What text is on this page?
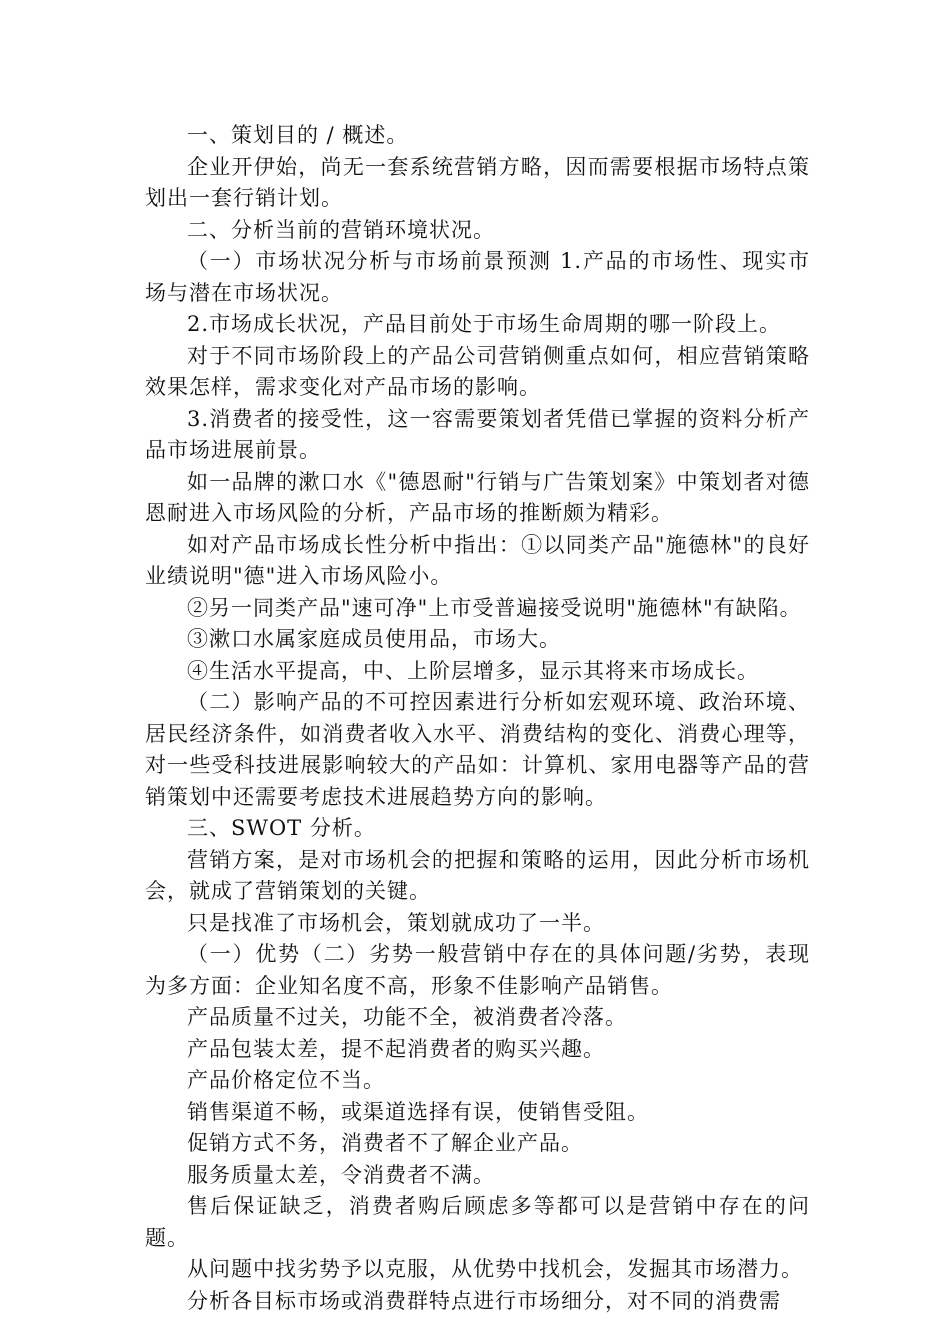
一、策划目的 / 概述。

企业开伊始，尚无一套系统营销方略，因而需要根据市场特点策划出一套行销计划。

二、分析当前的营销环境状况。

（一）市场状况分析与市场前景预测 1.产品的市场性、现实市场与潜在市场状况。

2.市场成长状况，产品目前处于市场生命周期的哪一阶段上。

对于不同市场阶段上的产品公司营销侧重点如何，相应营销策略效果怎样，需求变化对产品市场的影响。

3.消费者的接受性，这一容需要策划者凭借已掌握的资料分析产品市场进展前景。

如一品牌的漱口水《"德恩耐"行销与广告策划案》中策划者对德恩耐进入市场风险的分析，产品市场的推断颇为精彩。

如对产品市场成长性分析中指出：①以同类产品"施德林"的良好业绩说明"德"进入市场风险小。

②另一同类产品"速可净"上市受普遍接受说明"施德林"有缺陷。

③漱口水属家庭成员使用品，市场大。

④生活水平提高，中、上阶层增多，显示其将来市场成长。

（二）影响产品的不可控因素进行分析如宏观环境、政治环境、居民经济条件，如消费者收入水平、消费结构的变化、消费心理等，对一些受科技进展影响较大的产品如：计算机、家用电器等产品的营销策划中还需要考虑技术进展趋势方向的影响。

三、SWOT 分析。

营销方案，是对市场机会的把握和策略的运用，因此分析市场机会，就成了营销策划的关键。

只是找准了市场机会，策划就成功了一半。

（一）优势（二）劣势一般营销中存在的具体问题/劣势，表现为多方面：企业知名度不高，形象不佳影响产品销售。

产品质量不过关，功能不全，被消费者冷落。

产品包装太差，提不起消费者的购买兴趣。

产品价格定位不当。

销售渠道不畅，或渠道选择有误，使销售受阻。

促销方式不务，消费者不了解企业产品。

服务质量太差，令消费者不满。

售后保证缺乏，消费者购后顾虑多等都可以是营销中存在的问题。

从问题中找劣势予以克服，从优势中找机会，发掘其市场潜力。

分析各目标市场或消费群特点进行市场细分，对不同的消费需
